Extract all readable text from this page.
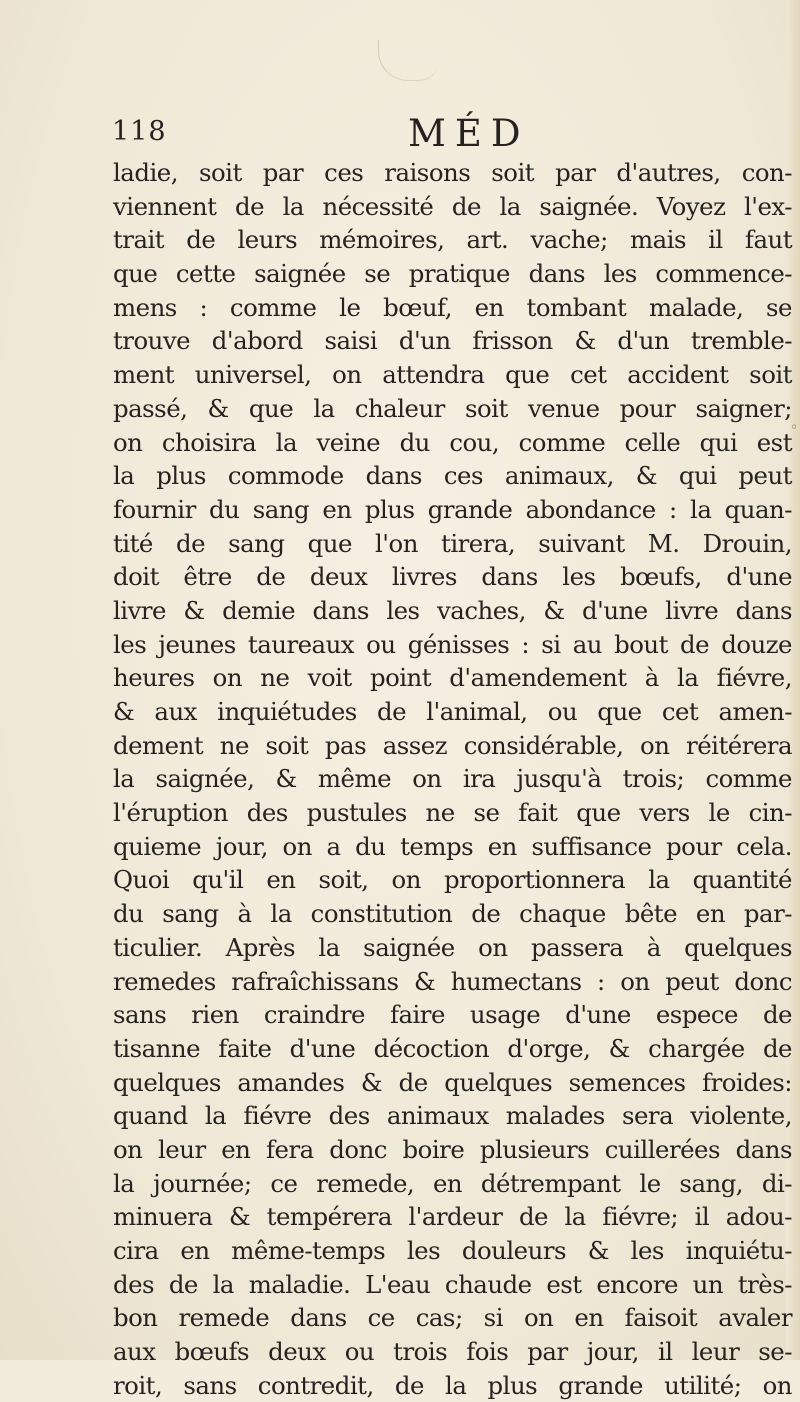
118	MÉD
ladie, soit par ces raisons soit par d'autres, con-
viennent de la nécessité de la saignée. Voyez l'ex-
trait de leurs mémoires, art. vache; mais il faut
que cette saignée se pratique dans les commence-
mens : comme le bœuf, en tombant malade, se
trouve d'abord saisi d'un frisson & d'un tremble-
ment universel, on attendra que cet accident soit
passé, & que la chaleur soit venue pour saigner;
on choisira la veine du cou, comme celle qui est
la plus commode dans ces animaux, & qui peut
fournir du sang en plus grande abondance : la quan-
tité de sang que l'on tirera, suivant M. Drouin,
doit être de deux livres dans les bœufs, d'une
livre & demie dans les vaches, & d'une livre dans
les jeunes taureaux ou génisses : si au bout de douze
heures on ne voit point d'amendement à la fiévre,
& aux inquiétudes de l'animal, ou que cet amen-
dement ne soit pas assez considérable, on réitérera
la saignée, & même on ira jusqu'à trois; comme
l'éruption des pustules ne se fait que vers le cin-
quieme jour, on a du temps en suffisance pour cela.
Quoi qu'il en soit, on proportionnera la quantité
du sang à la constitution de chaque bête en par-
ticulier. Après la saignée on passera à quelques
remedes rafraîchissans & humectans : on peut donc
sans rien craindre faire usage d'une espece de
tisanne faite d'une décoction d'orge, & chargée de
quelques amandes & de quelques semences froides:
quand la fiévre des animaux malades sera violente,
on leur en fera donc boire plusieurs cuillerées dans
la journée; ce remede, en détrempant le sang, di-
minuera & tempérera l'ardeur de la fiévre; il adou-
cira en même-temps les douleurs & les inquiétu-
des de la maladie. L'eau chaude est encore un très-
bon remede dans ce cas; si on en faisoit avaler
aux bœufs deux ou trois fois par jour, il leur se-
roit, sans contredit, de la plus grande utilité; on
◦
